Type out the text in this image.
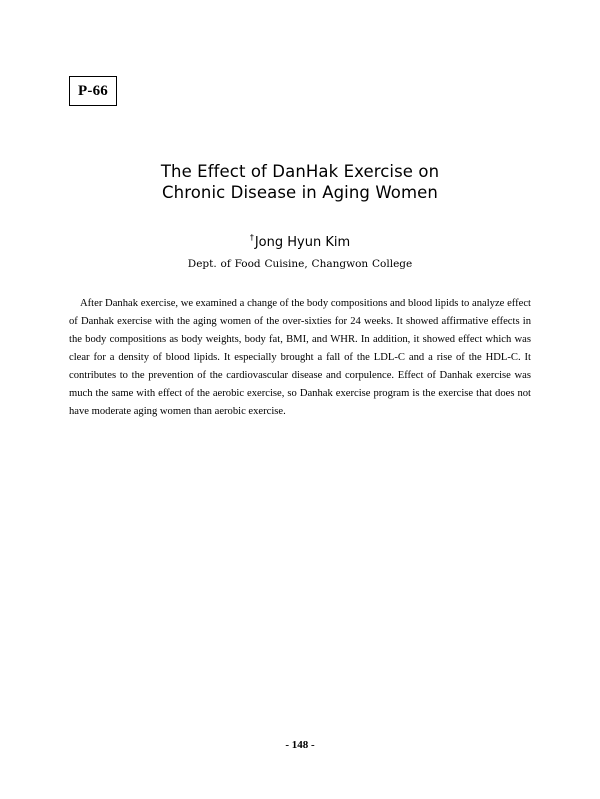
P-66
The Effect of DanHak Exercise on
Chronic Disease in Aging Women
†Jong Hyun Kim
Dept. of Food Cuisine, Changwon College

After Danhak exercise, we examined a change of the body compositions and blood lipids to analyze effect of Danhak exercise with the aging women of the over-sixties for 24 weeks. It showed affirmative effects in the body compositions as body weights, body fat, BMI, and WHR. In addition, it showed effect which was clear for a density of blood lipids. It especially brought a fall of the LDL-C and a rise of the HDL-C. It contributes to the prevention of the cardiovascular disease and corpulence. Effect of Danhak exercise was much the same with effect of the aerobic exercise, so Danhak exercise program is the exercise that does not have moderate aging women than aerobic exercise.

- 148 -
